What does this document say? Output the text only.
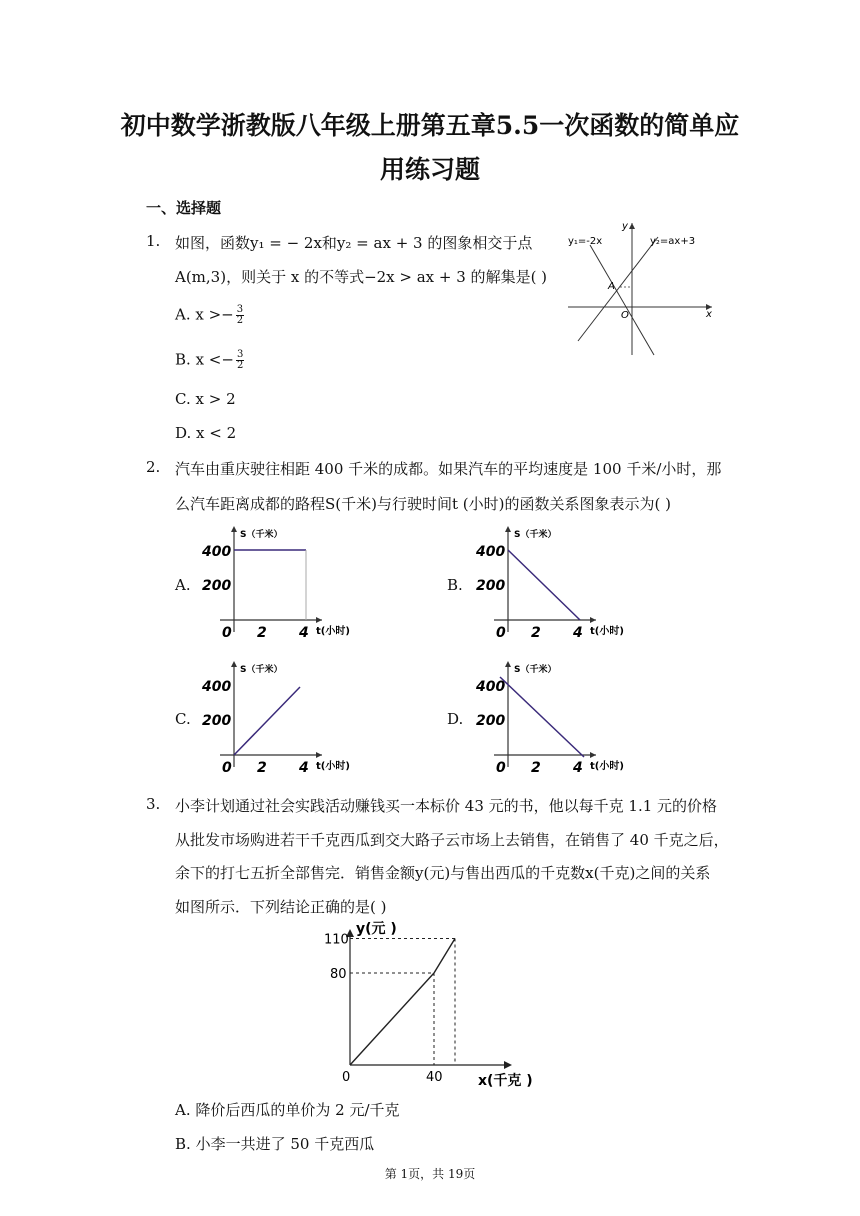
初中数学浙教版八年级上册第五章5.5一次函数的简单应
用练习题
一、选择题
1. 如图，函数y₁ = − 2x和y₂ = ax + 3 的图象相交于点
A(m,3)，则关于 x 的不等式−2x > ax + 3 的解集是( )
A. $x >- \frac{3}{2}$
B. $x <- \frac{3}{2}$
C. x > 2
D. x < 2
y₁=-2x	y₂=ax+3
y
x
A
O
2. 汽车由重庆驶往相距 400 千米的成都。如果汽车的平均速度是 100 千米/小时，那
么汽车距离成都的路程S(千米)与行驶时间t (小时)的函数关系图象表示为( )
A.	B.
C.	D.
S（千米）
400
200
0 2 4 t(小时)
S（千米）
400
200
0 2 4 t(小时)
S（千米）
400
200
0 2 4 t(小时)
S（千米）
400
200
0 2 4 t(小时)
3. 小李计划通过社会实践活动赚钱买一本标价 43 元的书，他以每千克 1.1 元的价格
从批发市场购进若干千克西瓜到交大路子云市场上去销售，在销售了 40 千克之后，
余下的打七五折全部售完．销售金额y(元)与售出西瓜的千克数x(千克)之间的关系
如图所示．下列结论正确的是( )
y(元 )
x(千克 )
110
80
0	40
A. 降价后西瓜的单价为 2 元/千克
B. 小李一共进了 50 千克西瓜
第 1页，共 19页
